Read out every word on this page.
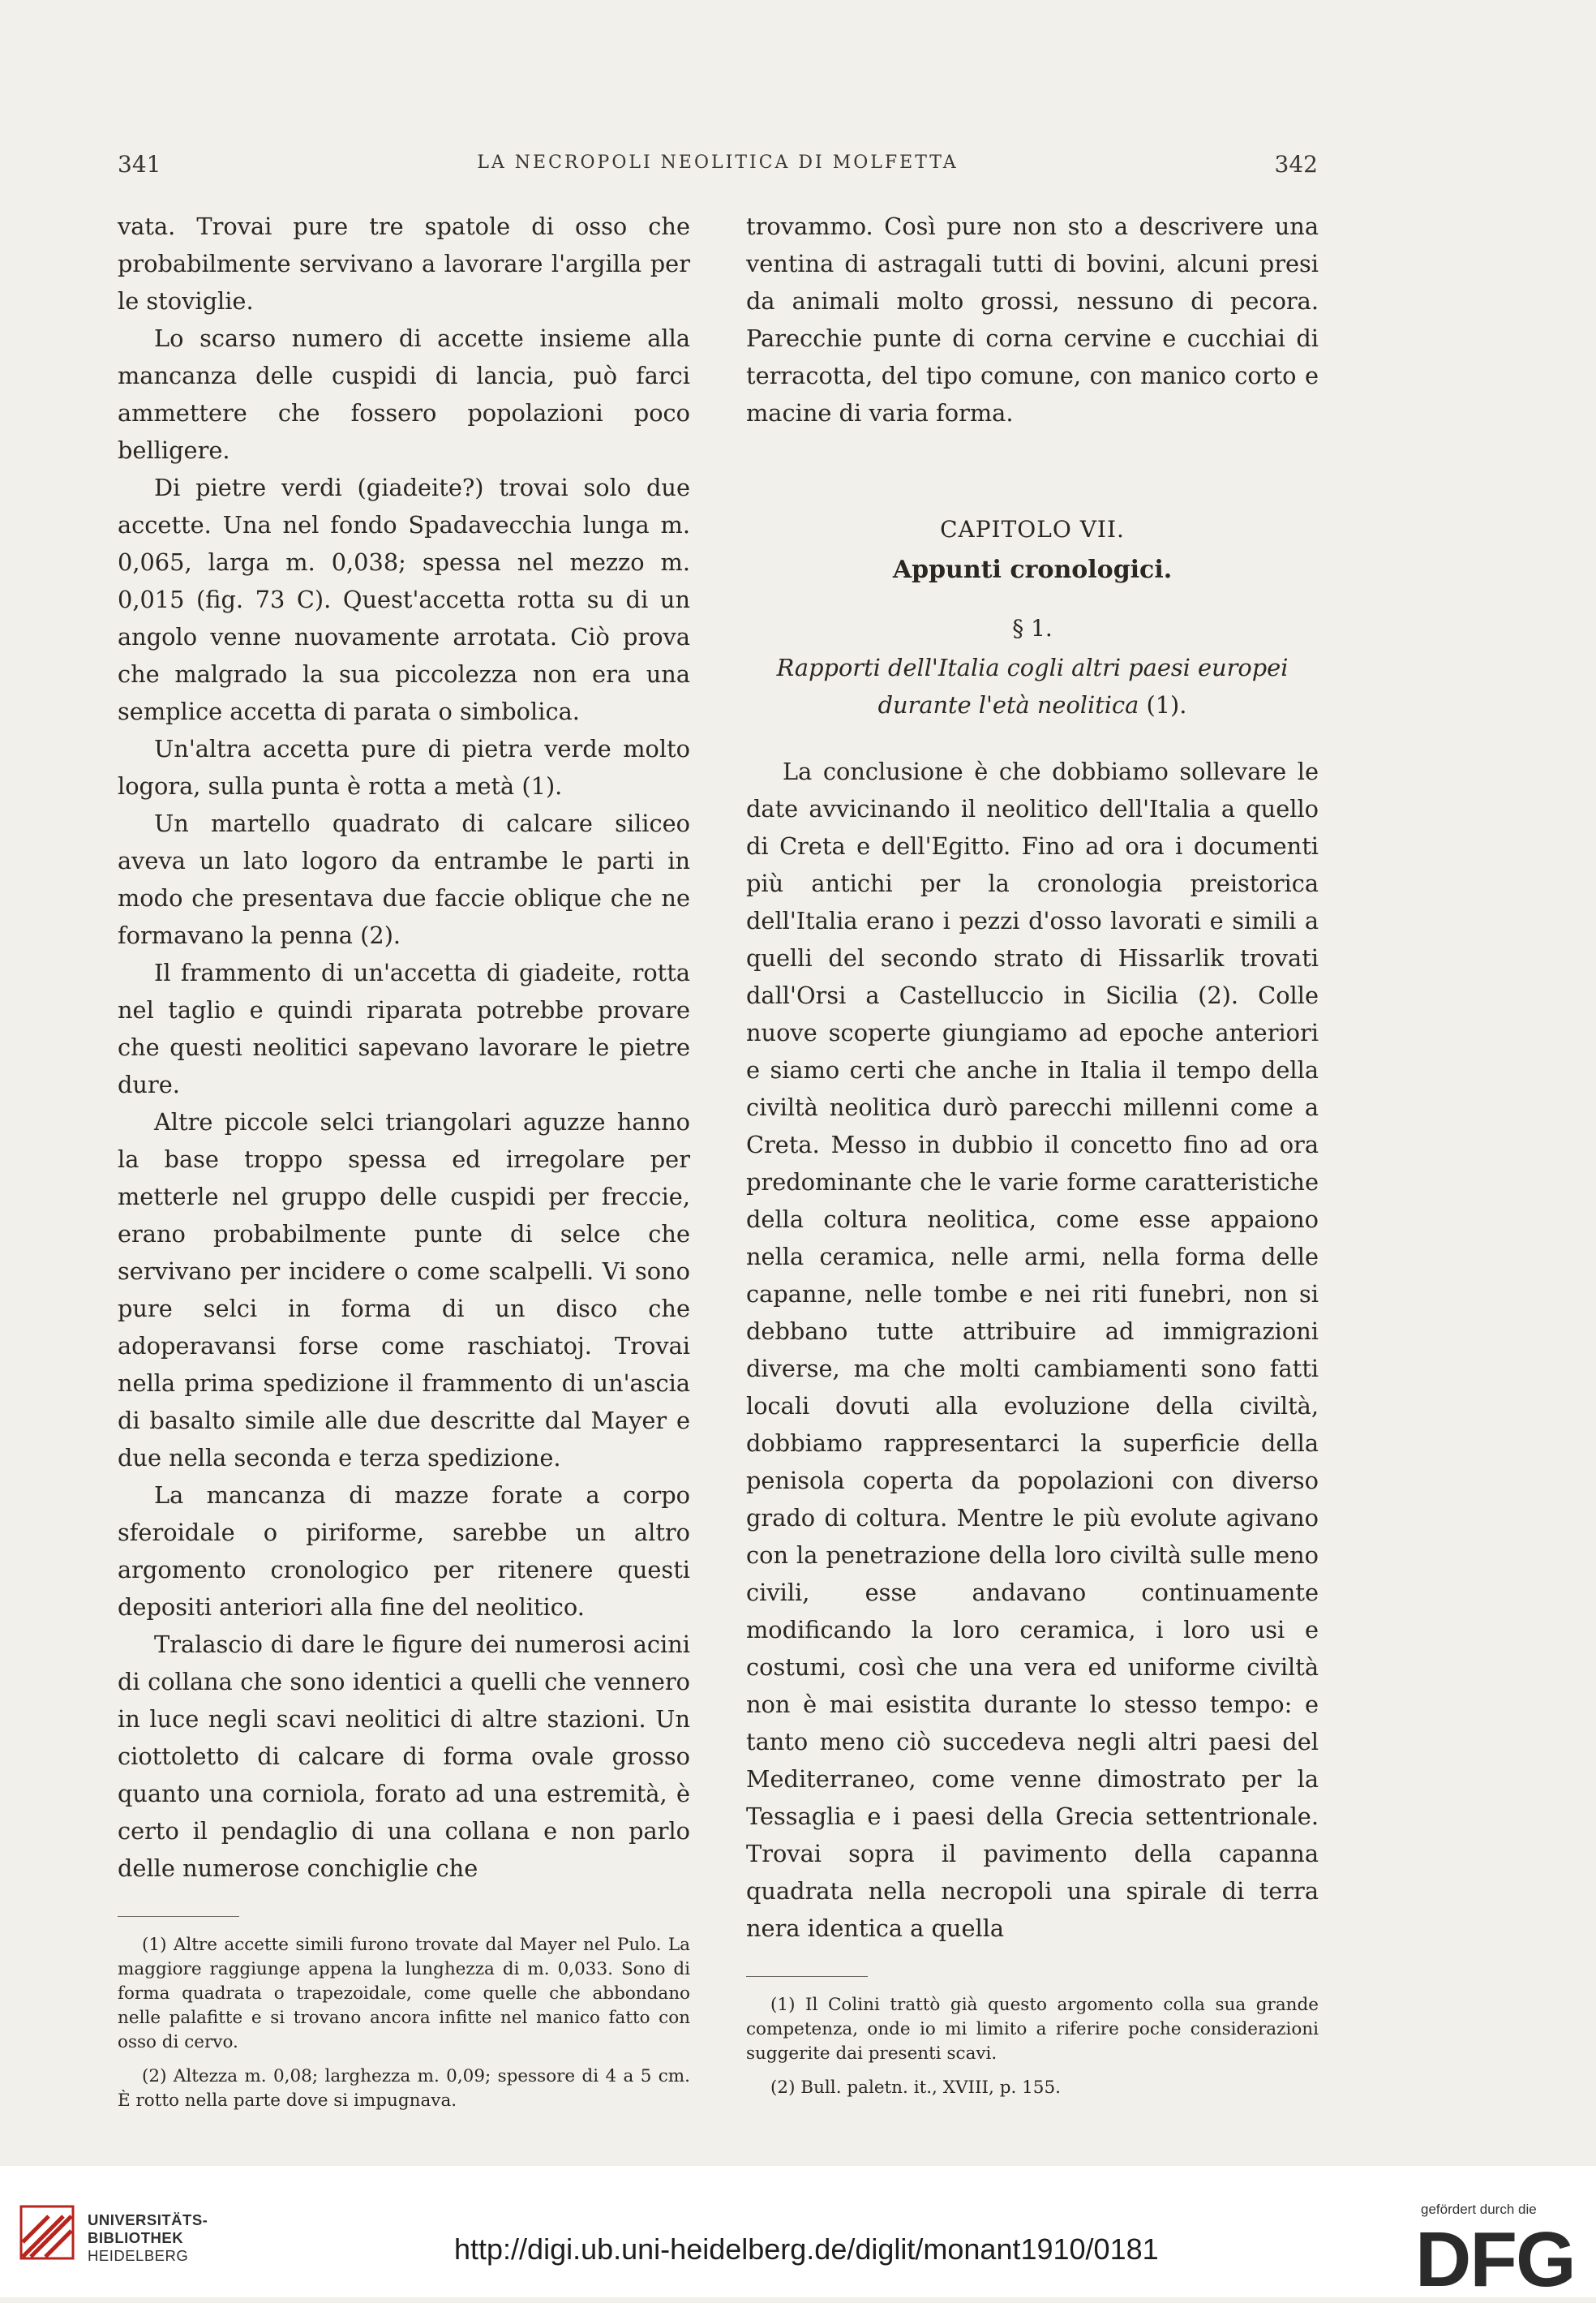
341	LA NECROPOLI NEOLITICA DI MOLFETTA	342

vata. Trovai pure tre spatole di osso che probabilmente servivano a lavorare l'argilla per le stoviglie.

Lo scarso numero di accette insieme alla mancanza delle cuspidi di lancia, può farci ammettere che fossero popolazioni poco belligere.

Di pietre verdi (giadeite?) trovai solo due accette. Una nel fondo Spadavecchia lunga m. 0,065, larga m. 0,038; spessa nel mezzo m. 0,015 (fig. 73 C). Quest'accetta rotta su di un angolo venne nuovamente arrotata. Ciò prova che malgrado la sua piccolezza non era una semplice accetta di parata o simbolica.

Un'altra accetta pure di pietra verde molto logora, sulla punta è rotta a metà (1).

Un martello quadrato di calcare siliceo aveva un lato logoro da entrambe le parti in modo che presentava due faccie oblique che ne formavano la penna (2).

Il frammento di un'accetta di giadeite, rotta nel taglio e quindi riparata potrebbe provare che questi neolitici sapevano lavorare le pietre dure.

Altre piccole selci triangolari aguzze hanno la base troppo spessa ed irregolare per metterle nel gruppo delle cuspidi per freccie, erano probabilmente punte di selce che servivano per incidere o come scalpelli. Vi sono pure selci in forma di un disco che adoperavansi forse come raschiatoj. Trovai nella prima spedizione il frammento di un'ascia di basalto simile alle due descritte dal Mayer e due nella seconda e terza spedizione.

La mancanza di mazze forate a corpo sferoidale o piriforme, sarebbe un altro argomento cronologico per ritenere questi depositi anteriori alla fine del neolitico.

Tralascio di dare le figure dei numerosi acini di collana che sono identici a quelli che vennero in luce negli scavi neolitici di altre stazioni. Un ciottoletto di calcare di forma ovale grosso quanto una corniola, forato ad una estremità, è certo il pendaglio di una collana e non parlo delle numerose conchiglie che

(1) Altre accette simili furono trovate dal Mayer nel Pulo. La maggiore raggiunge appena la lunghezza di m. 0,033. Sono di forma quadrata o trapezoidale, come quelle che abbondano nelle palafitte e si trovano ancora infitte nel manico fatto con osso di cervo.

(2) Altezza m. 0,08; larghezza m. 0,09; spessore di 4 a 5 cm. È rotto nella parte dove si impugnava.

trovammo. Così pure non sto a descrivere una ventina di astragali tutti di bovini, alcuni presi da animali molto grossi, nessuno di pecora. Parecchie punte di corna cervine e cucchiai di terracotta, del tipo comune, con manico corto e macine di varia forma.

CAPITOLO VII.
Appunti cronologici.
§ 1.
Rapporti dell'Italia cogli altri paesi europei durante l'età neolitica (1).

La conclusione è che dobbiamo sollevare le date avvicinando il neolitico dell'Italia a quello di Creta e dell'Egitto. Fino ad ora i documenti più antichi per la cronologia preistorica dell'Italia erano i pezzi d'osso lavorati e simili a quelli del secondo strato di Hissarlik trovati dall'Orsi a Castelluccio in Sicilia (2). Colle nuove scoperte giungiamo ad epoche anteriori e siamo certi che anche in Italia il tempo della civiltà neolitica durò parecchi millenni come a Creta. Messo in dubbio il concetto fino ad ora predominante che le varie forme caratteristiche della coltura neolitica, come esse appaiono nella ceramica, nelle armi, nella forma delle capanne, nelle tombe e nei riti funebri, non si debbano tutte attribuire ad immigrazioni diverse, ma che molti cambiamenti sono fatti locali dovuti alla evoluzione della civiltà, dobbiamo rappresentarci la superficie della penisola coperta da popolazioni con diverso grado di coltura. Mentre le più evolute agivano con la penetrazione della loro civiltà sulle meno civili, esse andavano continuamente modificando la loro ceramica, i loro usi e costumi, così che una vera ed uniforme civiltà non è mai esistita durante lo stesso tempo: e tanto meno ciò succedeva negli altri paesi del Mediterraneo, come venne dimostrato per la Tessaglia e i paesi della Grecia settentrionale. Trovai sopra il pavimento della capanna quadrata nella necropoli una spirale di terra nera identica a quella

(1) Il Colini trattò già questo argomento colla sua grande competenza, onde io mi limito a riferire poche considerazioni suggerite dai presenti scavi.

(2) Bull. paletn. it., XVIII, p. 155.

UNIVERSITÄTS-
BIBLIOTHEK
HEIDELBERG	http://digi.ub.uni-heidelberg.de/diglit/monant1910/0181
gefördert durch die
DFG
